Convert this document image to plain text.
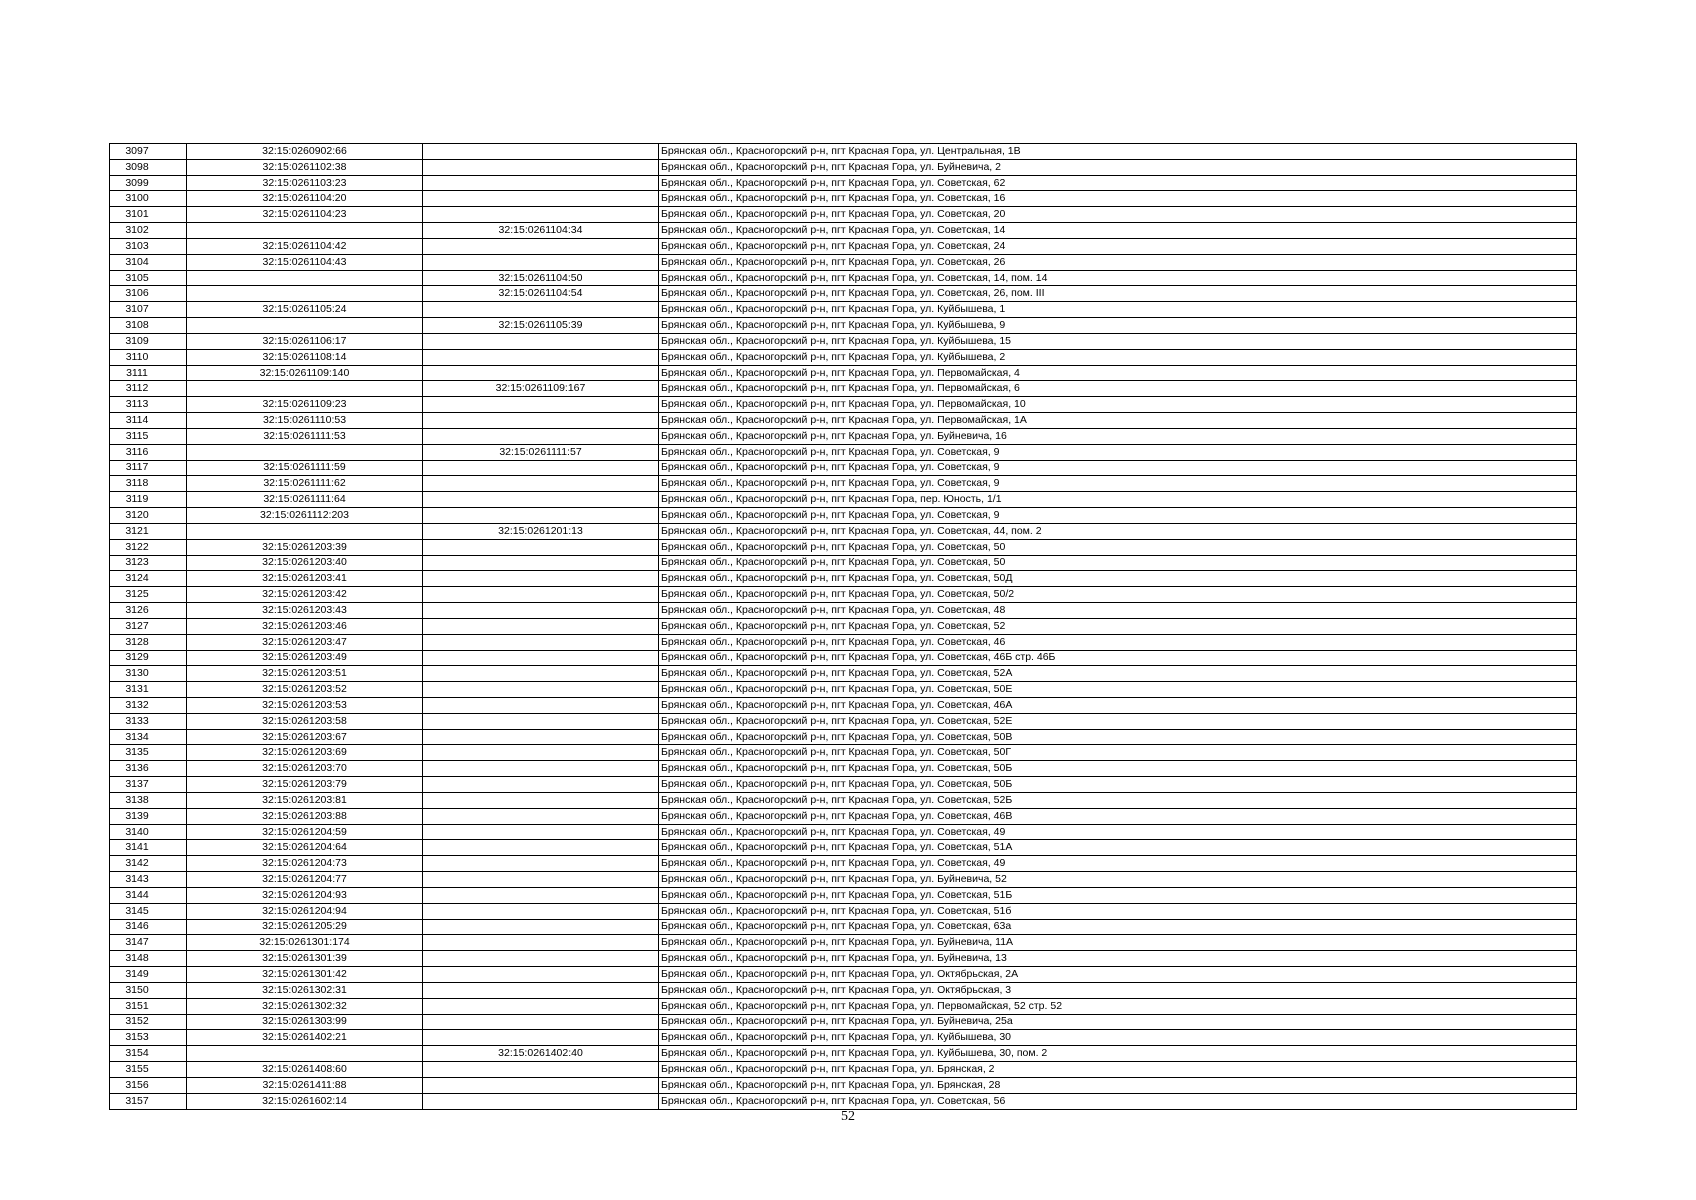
3097	32:15:0260902:66		Брянская обл., Красногорский р-н, пгт Красная Гора, ул. Центральная, 1В
3098	32:15:0261102:38		Брянская обл., Красногорский р-н, пгт Красная Гора, ул. Буйневича, 2
3099	32:15:0261103:23		Брянская обл., Красногорский р-н, пгт Красная Гора, ул. Советская, 62
3100	32:15:0261104:20		Брянская обл., Красногорский р-н, пгт Красная Гора, ул. Советская, 16
3101	32:15:0261104:23		Брянская обл., Красногорский р-н, пгт Красная Гора, ул. Советская, 20
3102		32:15:0261104:34	Брянская обл., Красногорский р-н, пгт Красная Гора, ул. Советская, 14
3103	32:15:0261104:42		Брянская обл., Красногорский р-н, пгт Красная Гора, ул. Советская, 24
3104	32:15:0261104:43		Брянская обл., Красногорский р-н, пгт Красная Гора, ул. Советская, 26
3105		32:15:0261104:50	Брянская обл., Красногорский р-н, пгт Красная Гора, ул. Советская, 14, пом. 14
3106		32:15:0261104:54	Брянская обл., Красногорский р-н, пгт Красная Гора, ул. Советская, 26, пом. III
3107	32:15:0261105:24		Брянская обл., Красногорский р-н, пгт Красная Гора, ул. Куйбышева, 1
3108		32:15:0261105:39	Брянская обл., Красногорский р-н, пгт Красная Гора, ул. Куйбышева, 9
3109	32:15:0261106:17		Брянская обл., Красногорский р-н, пгт Красная Гора, ул. Куйбышева, 15
3110	32:15:0261108:14		Брянская обл., Красногорский р-н, пгт Красная Гора, ул. Куйбышева, 2
3111	32:15:0261109:140		Брянская обл., Красногорский р-н, пгт Красная Гора, ул. Первомайская, 4
3112		32:15:0261109:167	Брянская обл., Красногорский р-н, пгт Красная Гора, ул. Первомайская, 6
3113	32:15:0261109:23		Брянская обл., Красногорский р-н, пгт Красная Гора, ул. Первомайская, 10
3114	32:15:0261110:53		Брянская обл., Красногорский р-н, пгт Красная Гора, ул. Первомайская, 1А
3115	32:15:0261111:53		Брянская обл., Красногорский р-н, пгт Красная Гора, ул. Буйневича, 16
3116		32:15:0261111:57	Брянская обл., Красногорский р-н, пгт Красная Гора, ул. Советская, 9
3117	32:15:0261111:59		Брянская обл., Красногорский р-н, пгт Красная Гора, ул. Советская, 9
3118	32:15:0261111:62		Брянская обл., Красногорский р-н, пгт Красная Гора, ул. Советская, 9
3119	32:15:0261111:64		Брянская обл., Красногорский р-н, пгт Красная Гора, пер. Юность, 1/1
3120	32:15:0261112:203		Брянская обл., Красногорский р-н, пгт Красная Гора, ул. Советская, 9
3121		32:15:0261201:13	Брянская обл., Красногорский р-н, пгт Красная Гора, ул. Советская, 44, пом. 2
3122	32:15:0261203:39		Брянская обл., Красногорский р-н, пгт Красная Гора, ул. Советская, 50
3123	32:15:0261203:40		Брянская обл., Красногорский р-н, пгт Красная Гора, ул. Советская, 50
3124	32:15:0261203:41		Брянская обл., Красногорский р-н, пгт Красная Гора, ул. Советская, 50Д
3125	32:15:0261203:42		Брянская обл., Красногорский р-н, пгт Красная Гора, ул. Советская, 50/2
3126	32:15:0261203:43		Брянская обл., Красногорский р-н, пгт Красная Гора, ул. Советская, 48
3127	32:15:0261203:46		Брянская обл., Красногорский р-н, пгт Красная Гора, ул. Советская, 52
3128	32:15:0261203:47		Брянская обл., Красногорский р-н, пгт Красная Гора, ул. Советская, 46
3129	32:15:0261203:49		Брянская обл., Красногорский р-н, пгт Красная Гора, ул. Советская, 46Б стр. 46Б
3130	32:15:0261203:51		Брянская обл., Красногорский р-н, пгт Красная Гора, ул. Советская, 52А
3131	32:15:0261203:52		Брянская обл., Красногорский р-н, пгт Красная Гора, ул. Советская, 50Е
3132	32:15:0261203:53		Брянская обл., Красногорский р-н, пгт Красная Гора, ул. Советская, 46А
3133	32:15:0261203:58		Брянская обл., Красногорский р-н, пгт Красная Гора, ул. Советская, 52Е
3134	32:15:0261203:67		Брянская обл., Красногорский р-н, пгт Красная Гора, ул. Советская, 50В
3135	32:15:0261203:69		Брянская обл., Красногорский р-н, пгт Красная Гора, ул. Советская, 50Г
3136	32:15:0261203:70		Брянская обл., Красногорский р-н, пгт Красная Гора, ул. Советская, 50Б
3137	32:15:0261203:79		Брянская обл., Красногорский р-н, пгт Красная Гора, ул. Советская, 50Б
3138	32:15:0261203:81		Брянская обл., Красногорский р-н, пгт Красная Гора, ул. Советская, 52Б
3139	32:15:0261203:88		Брянская обл., Красногорский р-н, пгт Красная Гора, ул. Советская, 46В
3140	32:15:0261204:59		Брянская обл., Красногорский р-н, пгт Красная Гора, ул. Советская, 49
3141	32:15:0261204:64		Брянская обл., Красногорский р-н, пгт Красная Гора, ул. Советская, 51А
3142	32:15:0261204:73		Брянская обл., Красногорский р-н, пгт Красная Гора, ул. Советская, 49
3143	32:15:0261204:77		Брянская обл., Красногорский р-н, пгт Красная Гора, ул. Буйневича, 52
3144	32:15:0261204:93		Брянская обл., Красногорский р-н, пгт Красная Гора, ул. Советская, 51Б
3145	32:15:0261204:94		Брянская обл., Красногорский р-н, пгт Красная Гора, ул. Советская, 51б
3146	32:15:0261205:29		Брянская обл., Красногорский р-н, пгт Красная Гора, ул. Советская, 63а
3147	32:15:0261301:174		Брянская обл., Красногорский р-н, пгт Красная Гора, ул. Буйневича, 11А
3148	32:15:0261301:39		Брянская обл., Красногорский р-н, пгт Красная Гора, ул. Буйневича, 13
3149	32:15:0261301:42		Брянская обл., Красногорский р-н, пгт Красная Гора, ул. Октябрьская, 2А
3150	32:15:0261302:31		Брянская обл., Красногорский р-н, пгт Красная Гора, ул. Октябрьская, 3
3151	32:15:0261302:32		Брянская обл., Красногорский р-н, пгт Красная Гора, ул. Первомайская, 52 стр. 52
3152	32:15:0261303:99		Брянская обл., Красногорский р-н, пгт Красная Гора, ул. Буйневича, 25а
3153	32:15:0261402:21		Брянская обл., Красногорский р-н, пгт Красная Гора, ул. Куйбышева, 30
3154		32:15:0261402:40	Брянская обл., Красногорский р-н, пгт Красная Гора, ул. Куйбышева, 30, пом. 2
3155	32:15:0261408:60		Брянская обл., Красногорский р-н, пгт Красная Гора, ул. Брянская, 2
3156	32:15:0261411:88		Брянская обл., Красногорский р-н, пгт Красная Гора, ул. Брянская, 28
3157	32:15:0261602:14		Брянская обл., Красногорский р-н, пгт Красная Гора, ул. Советская, 56
52
